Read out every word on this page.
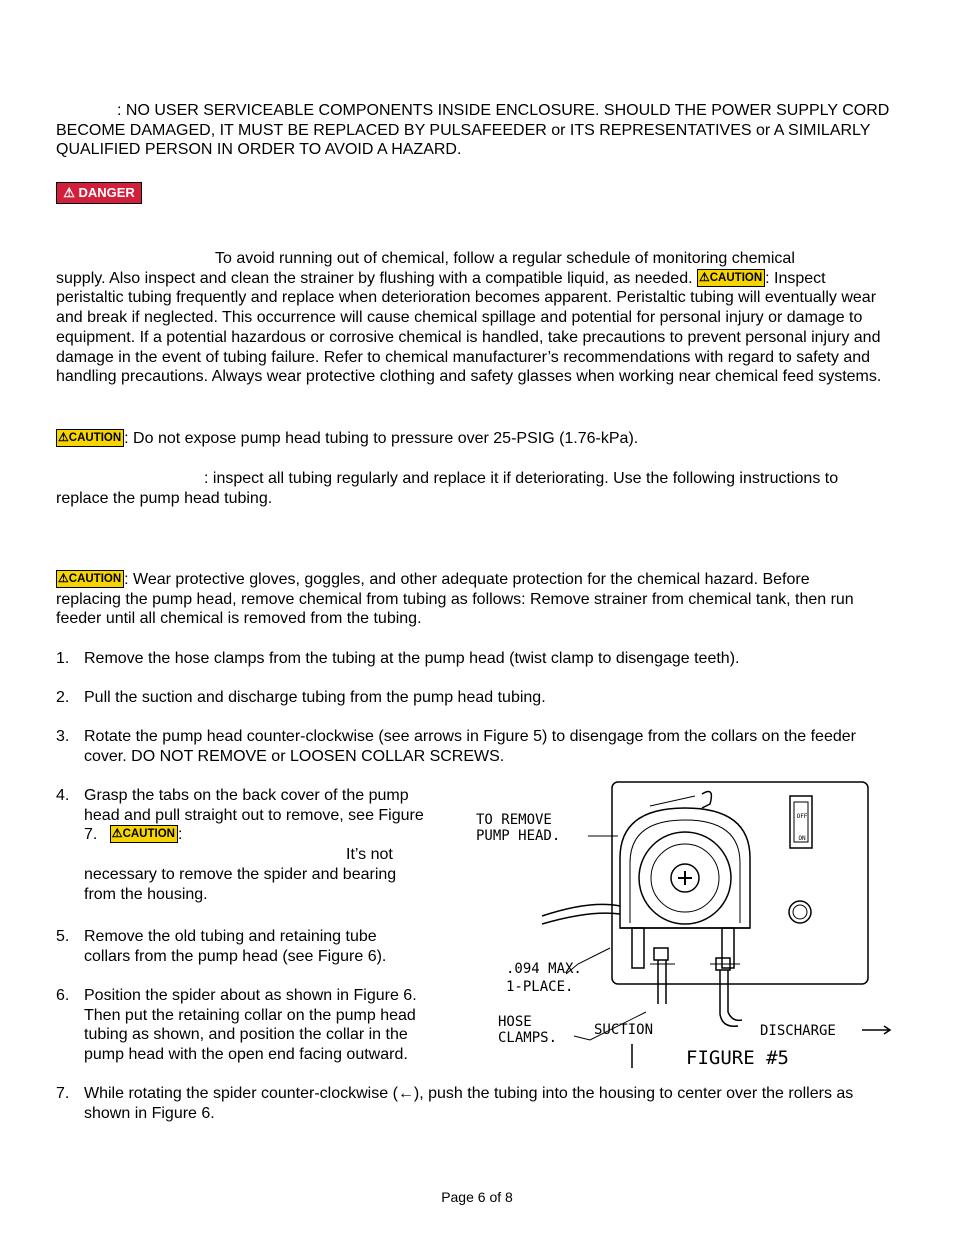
: NO USER SERVICEABLE COMPONENTS INSIDE ENCLOSURE. SHOULD THE POWER SUPPLY CORD BECOME DAMAGED, IT MUST BE REPLACED BY PULSAFEEDER or ITS REPRESENTATIVES or A SIMILARLY QUALIFIED PERSON IN ORDER TO AVOID A HAZARD.
⚠ DANGER
To avoid running out of chemical, follow a regular schedule of monitoring chemical
supply. Also inspect and clean the strainer by flushing with a compatible liquid, as needed. ⚠CAUTION : Inspect
peristaltic tubing frequently and replace when deterioration becomes apparent. Peristaltic tubing will eventually wear and break if neglected. This occurrence will cause chemical spillage and potential for personal injury or damage to equipment. If a potential hazardous or corrosive chemical is handled, take precautions to prevent personal injury and damage in the event of tubing failure. Refer to chemical manufacturer’s recommendations with regard to safety and handling precautions. Always wear protective clothing and safety glasses when working near chemical feed systems.
⚠CAUTION : Do not expose pump head tubing to pressure over 25-PSIG (1.76-kPa).
: inspect all tubing regularly and replace it if deteriorating. Use the following instructions to
replace the pump head tubing.
⚠CAUTION : Wear protective gloves, goggles, and other adequate protection for the chemical hazard. Before
replacing the pump head, remove chemical from tubing as follows: Remove strainer from chemical tank, then run feeder until all chemical is removed from the tubing.
1. Remove the hose clamps from the tubing at the pump head (twist clamp to disengage teeth).
2. Pull the suction and discharge tubing from the pump head tubing.
3. Rotate the pump head counter-clockwise (see arrows in Figure 5) to disengage from the collars on the feeder cover. DO NOT REMOVE or LOOSEN COLLAR SCREWS.
4. Grasp the tabs on the back cover of the pump
head and pull straight out to remove, see Figure
7. ⚠CAUTION :
It’s not
necessary to remove the spider and bearing from the housing.
5. Remove the old tubing and retaining tube collars from the pump head (see Figure 6).
6. Position the spider about as shown in Figure 6. Then put the retaining collar on the pump head tubing as shown, and position the collar in the pump head with the open end facing outward.
7. While rotating the spider counter-clockwise (←), push the tubing into the housing to center over the rollers as shown in Figure 6.
OFF
ON
TO REMOVE
PUMP HEAD.
.094 MAX.
1-PLACE.
HOSE
CLAMPS.	SUCTION	DISCHARGE
FIGURE #5
Page 6 of 8
